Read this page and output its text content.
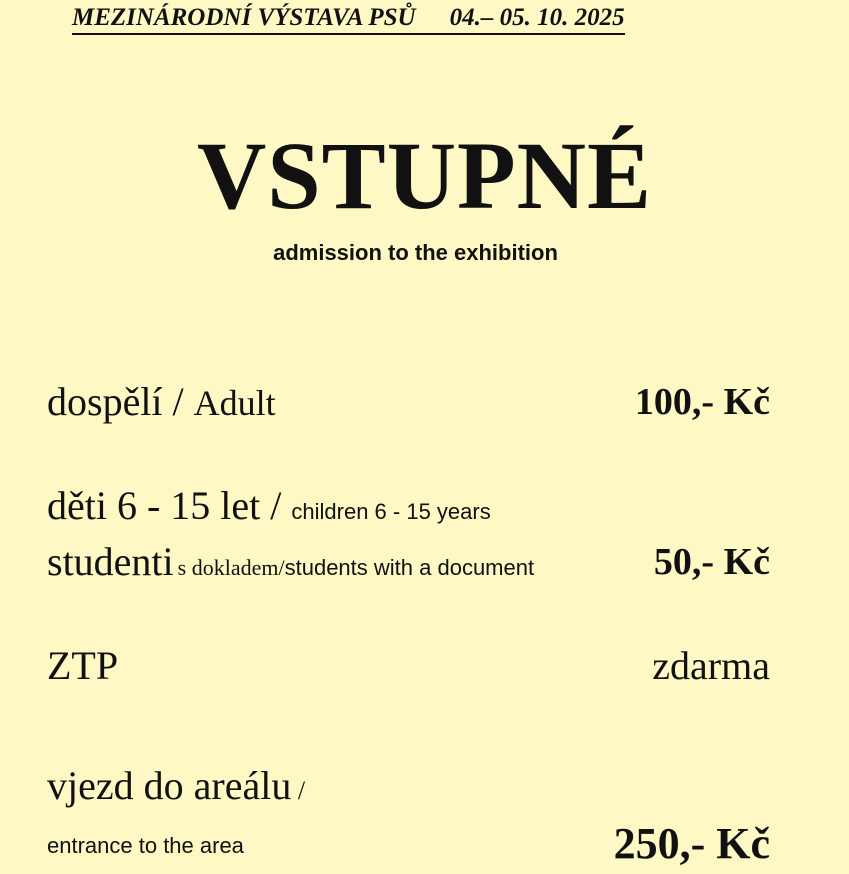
MEZINÁRODNÍ VÝSTAVA PSŮ 04.– 05. 10. 2025
VSTUPNÉ
admission to the exhibition
dospělí / Adult	100,- Kč
děti 6 - 15 let / children 6 - 15 years
studenti s dokladem/students with a document	50,- Kč
ZTP	zdarma
vjezd do areálu /
entrance to the area	250,- Kč
